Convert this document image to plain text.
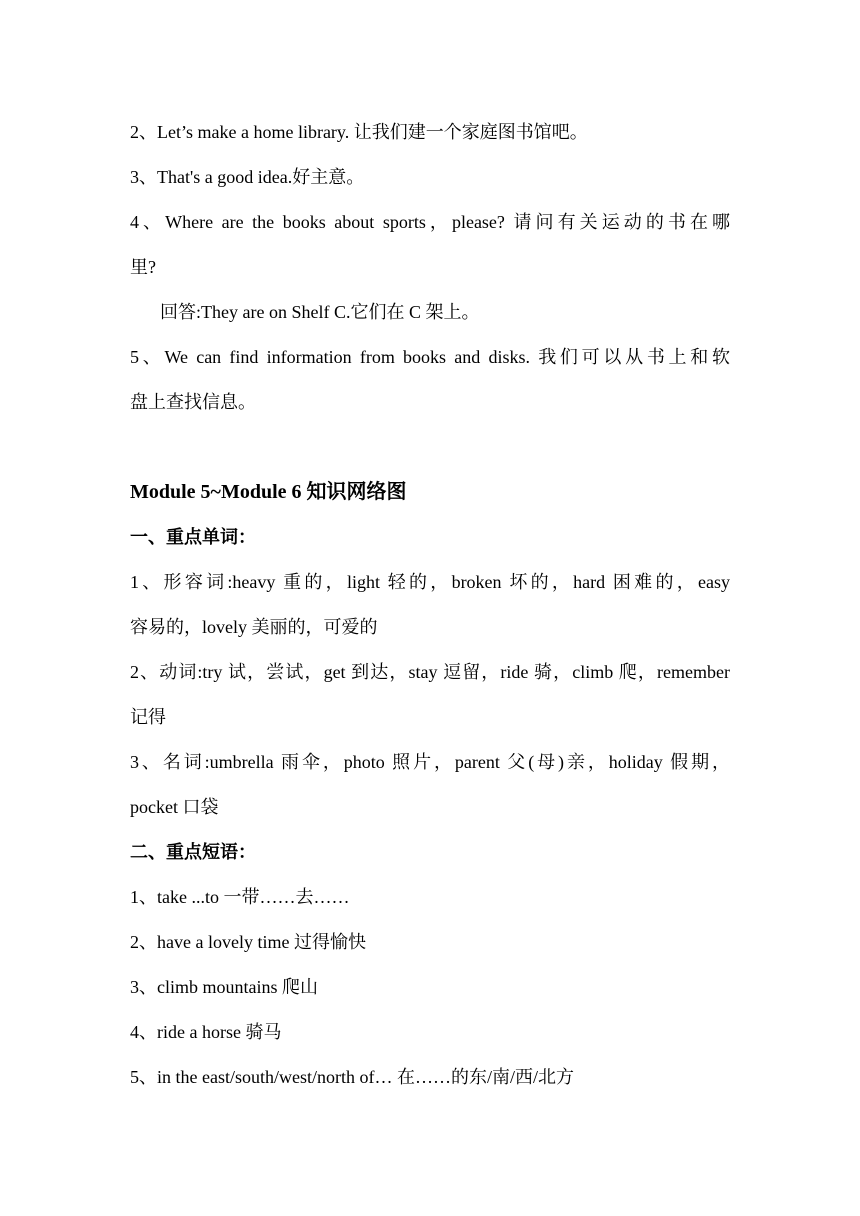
2、Let’s make a home library. 让我们建一个家庭图书馆吧。
3、That's a good idea.好主意。
4、Where are the books about sports，please? 请问有关运动的书在哪
里?
回答:They are on Shelf C.它们在 C 架上。
5、We can find information from books and disks. 我们可以从书上和软
盘上查找信息。
Module 5~Module 6 知识网络图
一、重点单词：
1、形容词:heavy 重的，light 轻的，broken 坏的，hard 困难的，easy
容易的，lovely 美丽的，可爱的
2、动词:try 试，尝试，get 到达，stay 逗留，ride 骑，climb 爬，remember
记得
3、名词:umbrella 雨伞，photo 照片，parent 父(母)亲，holiday 假期，
pocket 口袋
二、重点短语：
1、take ...to 一带……去……
2、have a lovely time 过得愉快
3、climb mountains 爬山
4、ride a horse 骑马
5、in the east/south/west/north of… 在……的东/南/西/北方
